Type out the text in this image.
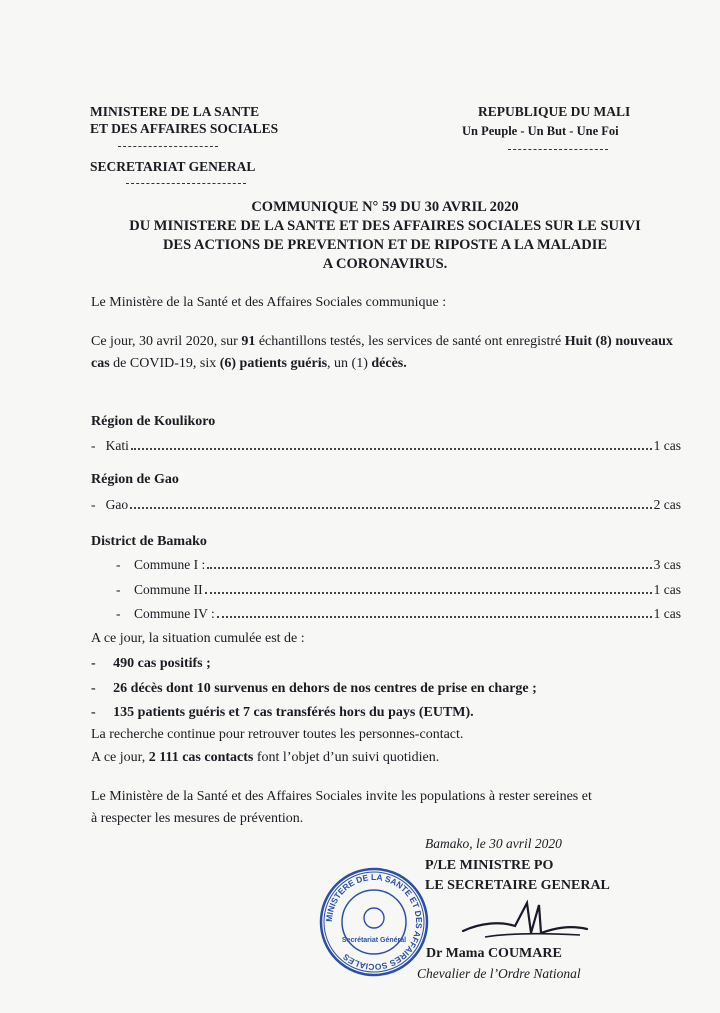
MINISTERE DE LA SANTE
ET DES AFFAIRES SOCIALES
SECRETARIAT GENERAL
REPUBLIQUE DU MALI
Un Peuple - Un But - Une Foi
COMMUNIQUE N° 59 DU 30 AVRIL 2020
DU MINISTERE DE LA SANTE ET DES AFFAIRES SOCIALES SUR LE SUIVI
DES ACTIONS DE PREVENTION ET DE RIPOSTE A LA MALADIE
A CORONAVIRUS.
Le Ministère de la Santé et des Affaires Sociales communique :
Ce jour, 30 avril 2020, sur 91 échantillons testés, les services de santé ont enregistré Huit (8) nouveaux cas de COVID-19, six (6) patients guéris, un (1) décès.
Région de Koulikoro
- Kati	1 cas
Région de Gao
- Gao	2 cas
District de Bamako
- Commune I :	3 cas
- Commune II	1 cas
- Commune IV :	1 cas
A ce jour, la situation cumulée est de :
-     490 cas positifs ;
-     26 décès dont 10 survenus en dehors de nos centres de prise en charge ;
-     135 patients guéris et 7 cas transférés hors du pays (EUTM).
La recherche continue pour retrouver toutes les personnes-contact.
A ce jour, 2 111 cas contacts font l’objet d’un suivi quotidien.
Le Ministère de la Santé et des Affaires Sociales invite les populations à rester sereines et
à respecter les mesures de prévention.
Bamako, le 30 avril 2020
P/LE MINISTRE PO
LE SECRETAIRE GENERAL
Dr Mama COUMARE
Chevalier de l’Ordre National
MINISTERE DE LA SANTE ET DES AFFAIRES SOCIALES
Secrétariat Général
